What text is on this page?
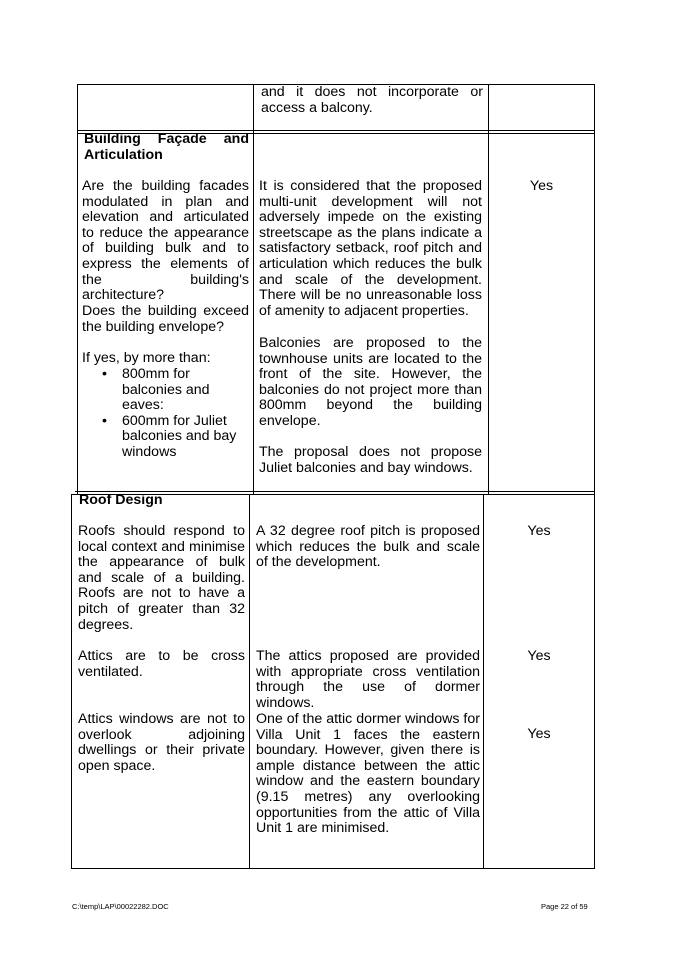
and it does not incorporate or access a balcony.
Building Façade and Articulation
Are the building facades modulated in plan and elevation and articulated to reduce the appearance of building bulk and to express the elements of the building's architecture?
Does the building exceed the building envelope?
If yes, by more than:
• 800mm for balconies and eaves:
• 600mm for Juliet balconies and bay windows
It is considered that the proposed multi-unit development will not adversely impede on the existing streetscape as the plans indicate a satisfactory setback, roof pitch and articulation which reduces the bulk and scale of the development. There will be no unreasonable loss of amenity to adjacent properties.
Balconies are proposed to the townhouse units are located to the front of the site. However, the balconies do not project more than 800mm beyond the building envelope.
The proposal does not propose Juliet balconies and bay windows.
Yes
Roof Design
Roofs should respond to local context and minimise the appearance of bulk and scale of a building. Roofs are not to have a pitch of greater than 32 degrees.
A 32 degree roof pitch is proposed which reduces the bulk and scale of the development.
Yes
Attics are to be cross ventilated.
The attics proposed are provided with appropriate cross ventilation through the use of dormer windows.
Yes
Attics windows are not to overlook adjoining dwellings or their private open space.
One of the attic dormer windows for Villa Unit 1 faces the eastern boundary. However, given there is ample distance between the attic window and the eastern boundary (9.15 metres) any overlooking opportunities from the attic of Villa Unit 1 are minimised.
Yes
C:\temp\LAP\00022282.DOC	Page 22 of 59
